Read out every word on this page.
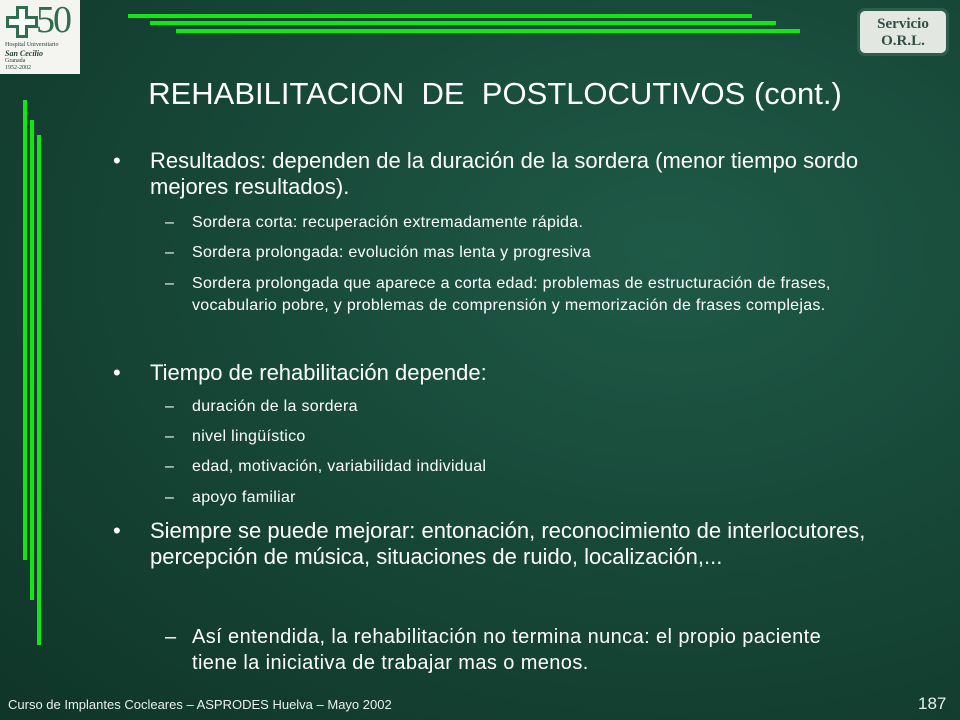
50
Hospital Universitario
San Cecilio
Granada
1952-2002
Servicio
O.R.L.
REHABILITACION  DE  POSTLOCUTIVOS (cont.)
• Resultados: dependen de la duración de la sordera (menor tiempo sordo mejores resultados).
– Sordera corta: recuperación extremadamente rápida.
– Sordera prolongada: evolución mas lenta y progresiva
– Sordera prolongada que aparece a corta edad: problemas de estructuración de frases, vocabulario pobre, y problemas de comprensión y memorización de frases complejas.
• Tiempo de rehabilitación depende:
– duración de la sordera
– nivel lingüístico
– edad, motivación, variabilidad individual
– apoyo familiar
• Siempre se puede mejorar: entonación, reconocimiento de interlocutores, percepción de música, situaciones de ruido, localización,...
– Así entendida, la rehabilitación no termina nunca: el propio paciente tiene la iniciativa de trabajar mas o menos.
Curso de Implantes Cocleares – ASPRODES Huelva – Mayo 2002	187
